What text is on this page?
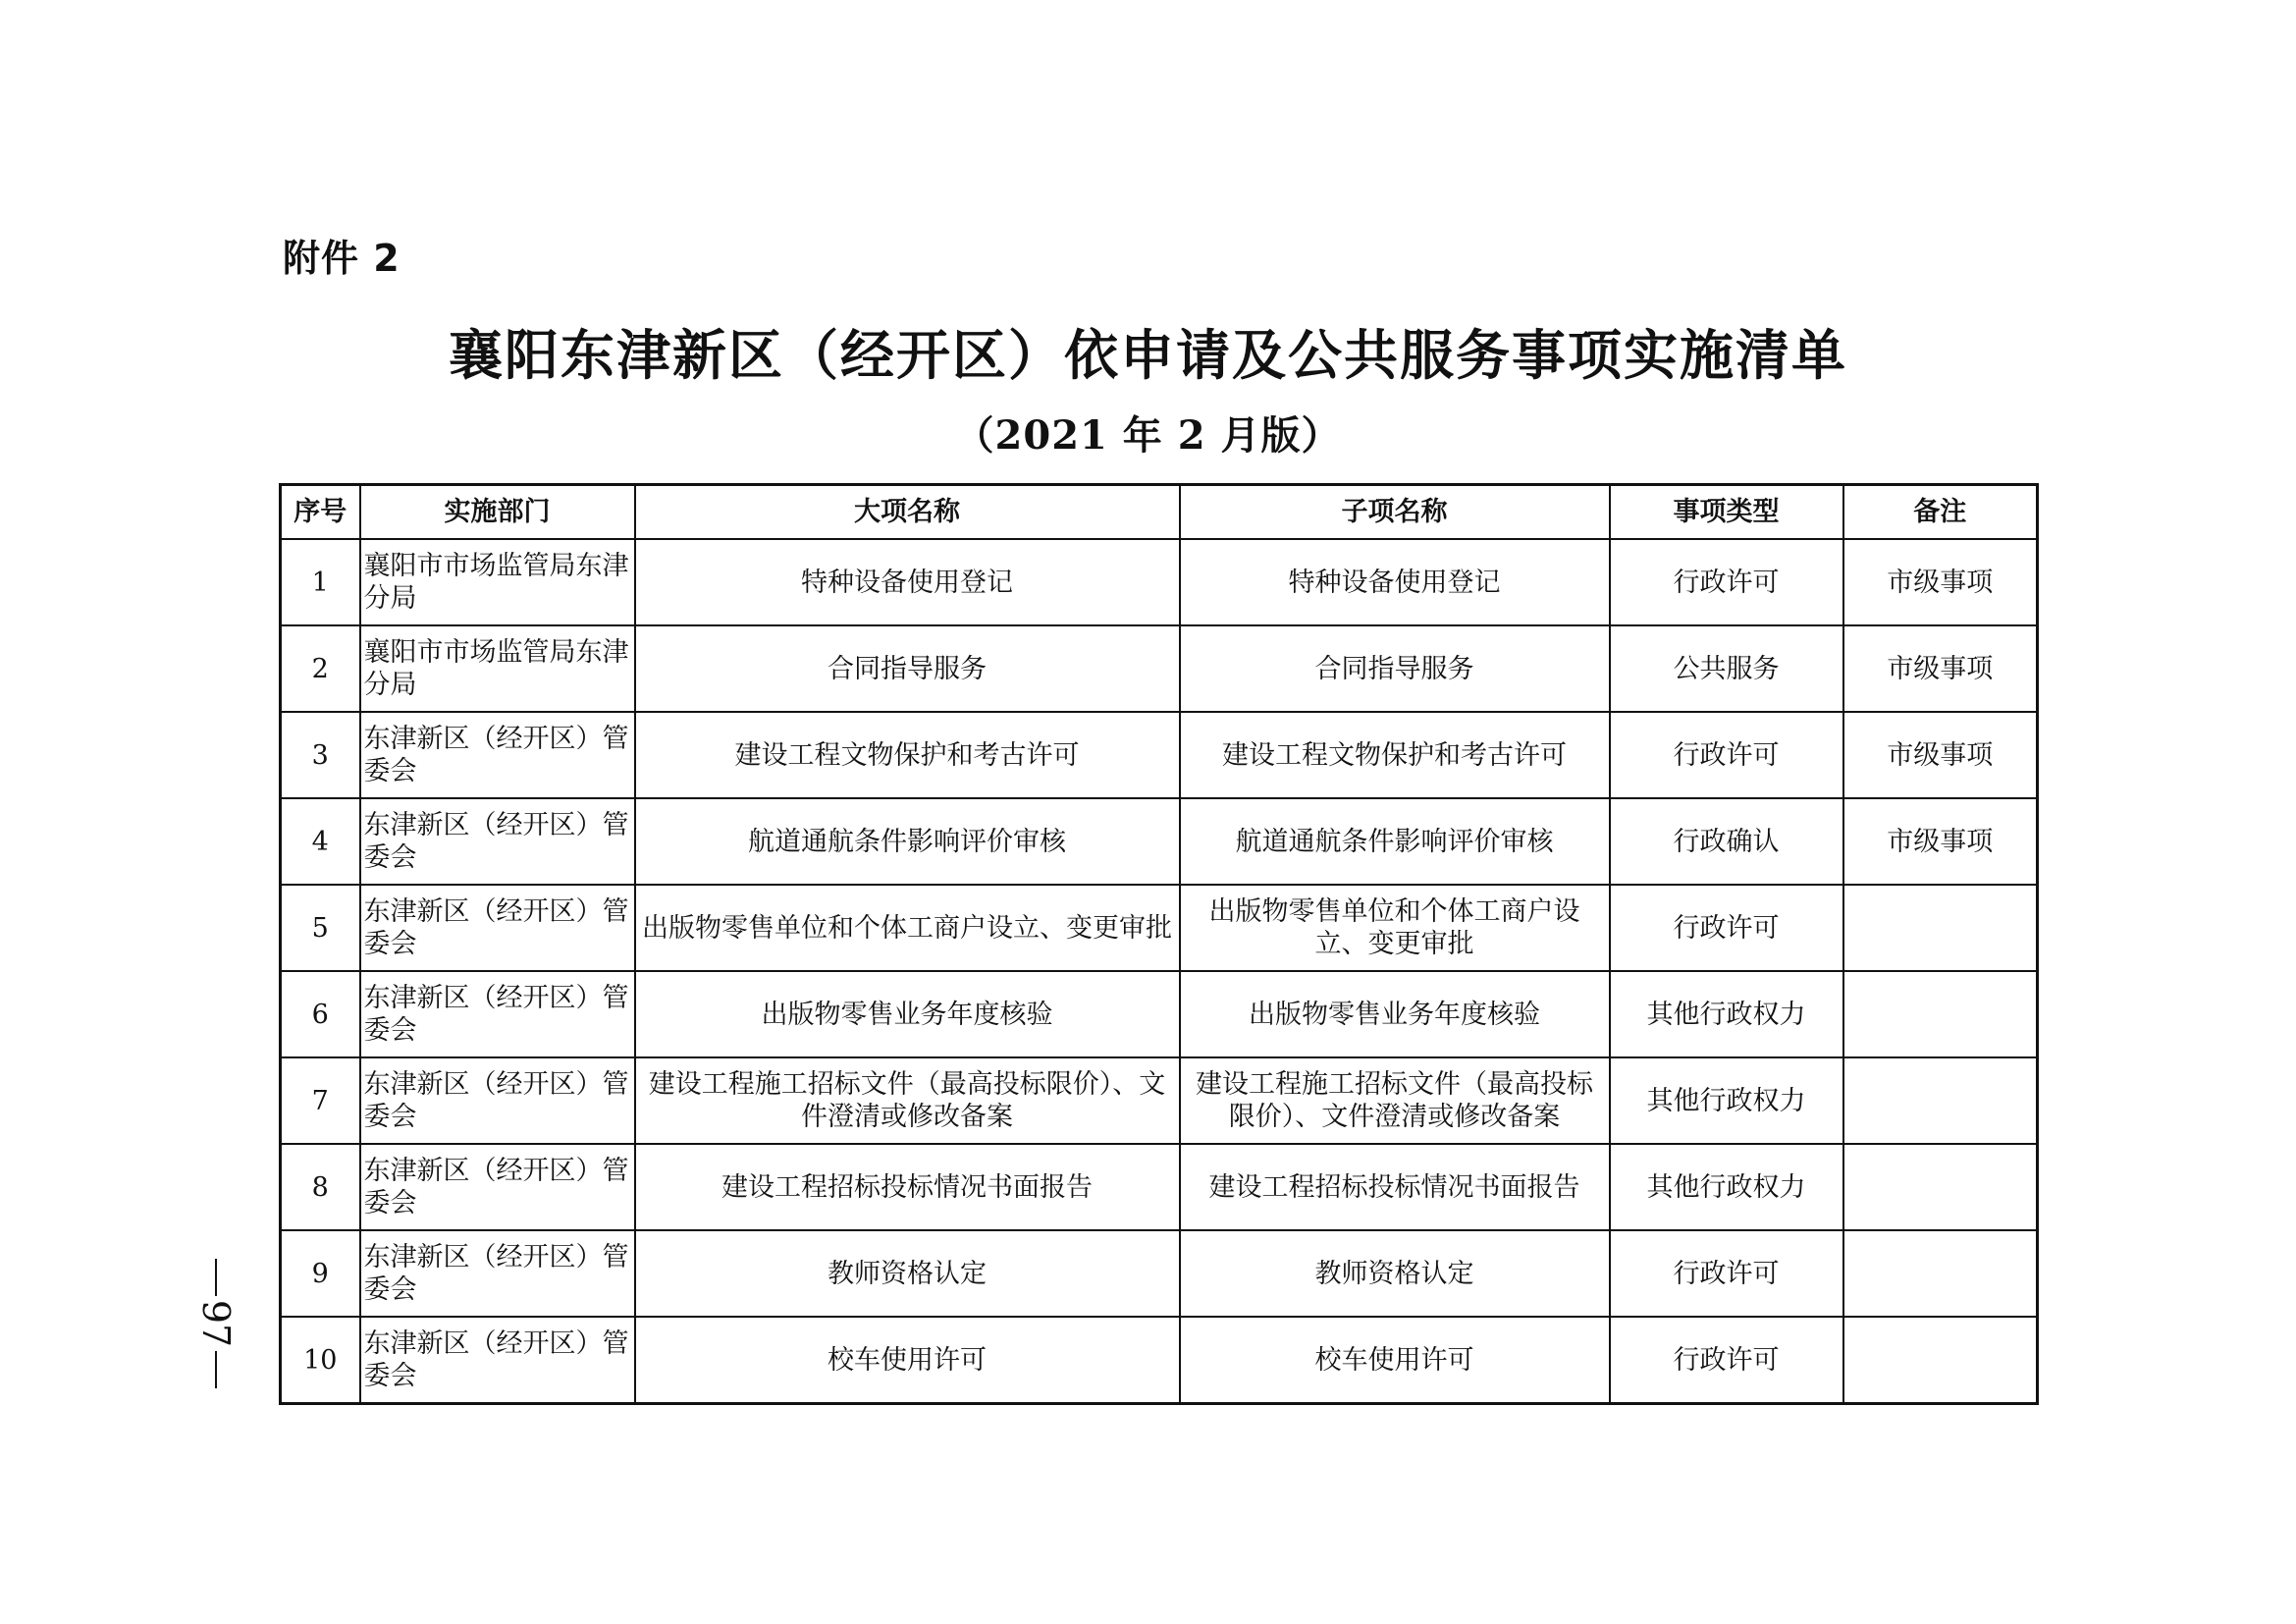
附件 2
襄阳东津新区（经开区）依申请及公共服务事项实施清单
（2021 年 2 月版）
序号	实施部门	大项名称	子项名称	事项类型	备注
1	襄阳市市场监管局东津分局	特种设备使用登记	特种设备使用登记	行政许可	市级事项
2	襄阳市市场监管局东津分局	合同指导服务	合同指导服务	公共服务	市级事项
3	东津新区（经开区）管委会	建设工程文物保护和考古许可	建设工程文物保护和考古许可	行政许可	市级事项
4	东津新区（经开区）管委会	航道通航条件影响评价审核	航道通航条件影响评价审核	行政确认	市级事项
5	东津新区（经开区）管委会	出版物零售单位和个体工商户设立、变更审批	出版物零售单位和个体工商户设立、变更审批	行政许可	
6	东津新区（经开区）管委会	出版物零售业务年度核验	出版物零售业务年度核验	其他行政权力	
7	东津新区（经开区）管委会	建设工程施工招标文件（最高投标限价）、文件澄清或修改备案	建设工程施工招标文件（最高投标限价）、文件澄清或修改备案	其他行政权力	
8	东津新区（经开区）管委会	建设工程招标投标情况书面报告	建设工程招标投标情况书面报告	其他行政权力	
9	东津新区（经开区）管委会	教师资格认定	教师资格认定	行政许可	
10	东津新区（经开区）管委会	校车使用许可	校车使用许可	行政许可	
97
